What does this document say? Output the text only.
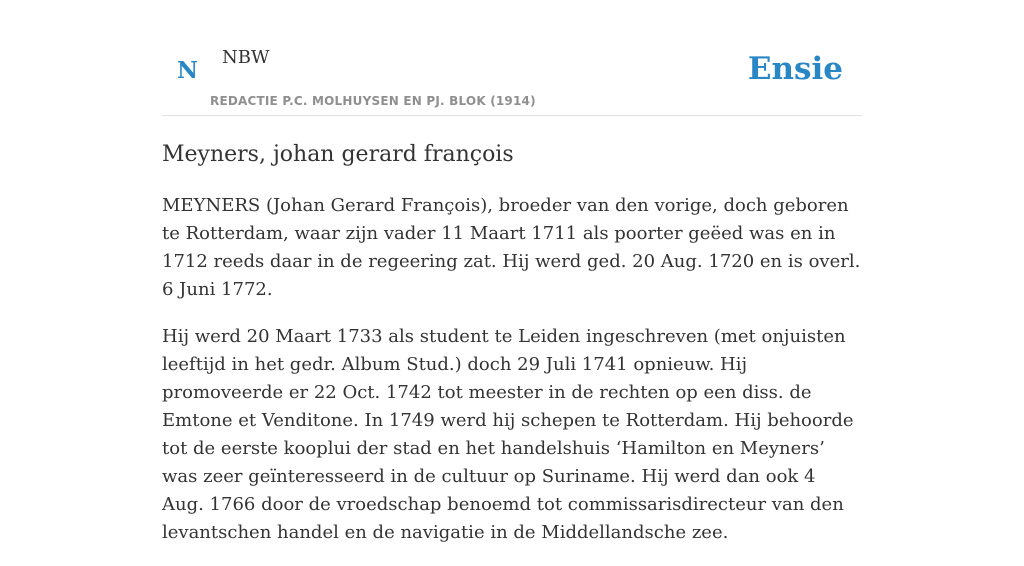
N NBW
REDACTIE P.C. MOLHUYSEN EN PJ. BLOK (1914)
Ensie
Meyners, johan gerard françois

MEYNERS (Johan Gerard François), broeder van den vorige, doch geboren te Rotterdam, waar zijn vader 11 Maart 1711 als poorter geëed was en in 1712 reeds daar in de regeering zat. Hij werd ged. 20 Aug. 1720 en is overl. 6 Juni 1772.

Hij werd 20 Maart 1733 als student te Leiden ingeschreven (met onjuisten leeftijd in het gedr. Album Stud.) doch 29 Juli 1741 opnieuw. Hij promoveerde er 22 Oct. 1742 tot meester in de rechten op een diss. de Emtone et Venditone. In 1749 werd hij schepen te Rotterdam. Hij behoorde tot de eerste kooplui der stad en het handelshuis ‘Hamilton en Meyners’ was zeer geïnteresseerd in de cultuur op Suriname. Hij werd dan ook 4 Aug. 1766 door de vroedschap benoemd tot commissarisdirecteur van den levantschen handel en de navigatie in de Middellandsche zee.
